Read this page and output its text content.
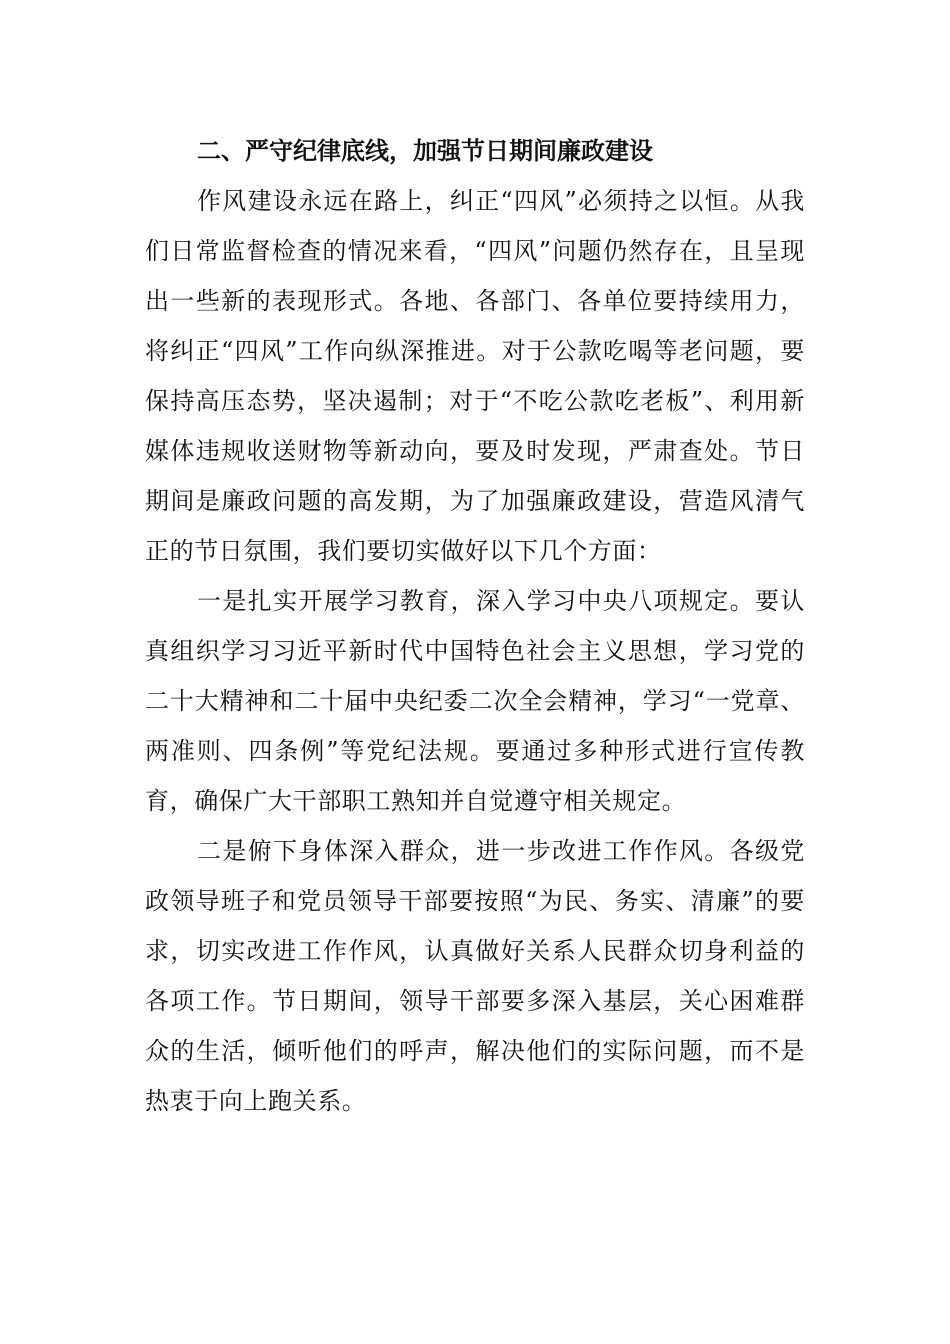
二、严守纪律底线，加强节日期间廉政建设

作风建设永远在路上，纠正“四风”必须持之以恒。从我们日常监督检查的情况来看，“四风”问题仍然存在，且呈现出一些新的表现形式。各地、各部门、各单位要持续用力，将纠正“四风”工作向纵深推进。对于公款吃喝等老问题，要保持高压态势，坚决遏制；对于“不吃公款吃老板”、利用新媒体违规收送财物等新动向，要及时发现，严肃查处。节日期间是廉政问题的高发期，为了加强廉政建设，营造风清气正的节日氛围，我们要切实做好以下几个方面：

一是扎实开展学习教育，深入学习中央八项规定。要认真组织学习习近平新时代中国特色社会主义思想，学习党的二十大精神和二十届中央纪委二次全会精神，学习“一党章、两准则、四条例”等党纪法规。要通过多种形式进行宣传教育，确保广大干部职工熟知并自觉遵守相关规定。

二是俯下身体深入群众，进一步改进工作作风。各级党政领导班子和党员领导干部要按照“为民、务实、清廉”的要求，切实改进工作作风，认真做好关系人民群众切身利益的各项工作。节日期间，领导干部要多深入基层，关心困难群众的生活，倾听他们的呼声，解决他们的实际问题，而不是热衷于向上跑关系。
